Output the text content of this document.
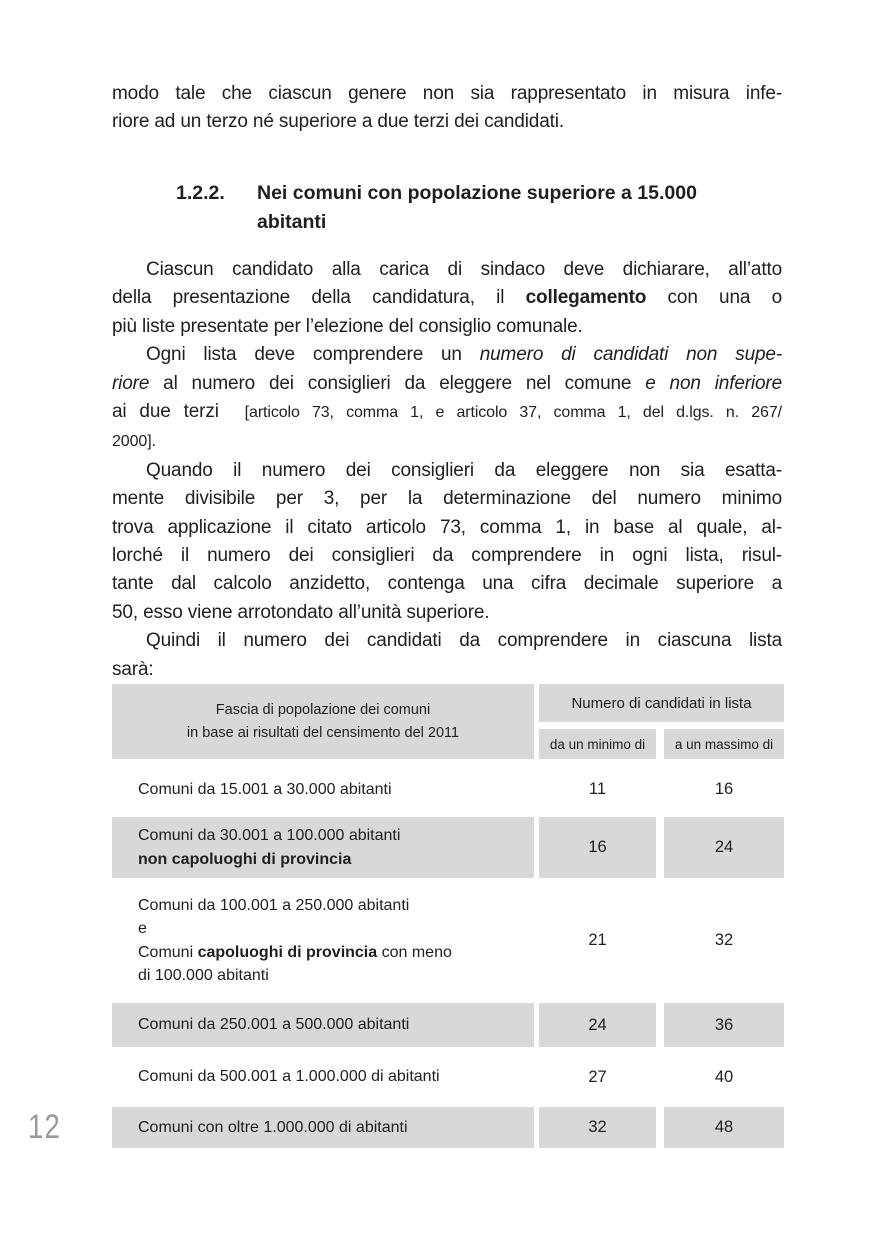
modo tale che ciascun genere non sia rappresentato in misura infe-
riore ad un terzo né superiore a due terzi dei candidati.
1.2.2.	Nei comuni con popolazione superiore a 15.000
abitanti
Ciascun candidato alla carica di sindaco deve dichiarare, all’atto
della presentazione della candidatura, il collegamento con una o
più liste presentate per l’elezione del consiglio comunale.
Ogni lista deve comprendere un numero di candidati non supe-
riore al numero dei consiglieri da eleggere nel comune e non inferiore
ai due terzi  [articolo 73, comma 1, e articolo 37, comma 1, del d.lgs. n. 267/
2000].
Quando il numero dei consiglieri da eleggere non sia esatta-
mente divisibile per 3, per la determinazione del numero minimo
trova applicazione il citato articolo 73, comma 1, in base al quale, al-
lorché il numero dei consiglieri da comprendere in ogni lista, risul-
tante dal calcolo anzidetto, contenga una cifra decimale superiore a
50, esso viene arrotondato all’unità superiore.
Quindi il numero dei candidati da comprendere in ciascuna lista
sarà:
Fascia di popolazione dei comuni
in base ai risultati del censimento del 2011
Numero di candidati in lista
da un minimo di	a un massimo di
Comuni da 15.001 a 30.000 abitanti	11	16
Comuni da 30.001 a 100.000 abitanti
non capoluoghi di provincia
16	24
Comuni da 100.001 a 250.000 abitanti
e
Comuni capoluoghi di provincia con meno
di 100.000 abitanti
21	32
Comuni da 250.001 a 500.000 abitanti	24	36
Comuni da 500.001 a 1.000.000 di abitanti	27	40
Comuni con oltre 1.000.000 di abitanti	32	48
12
